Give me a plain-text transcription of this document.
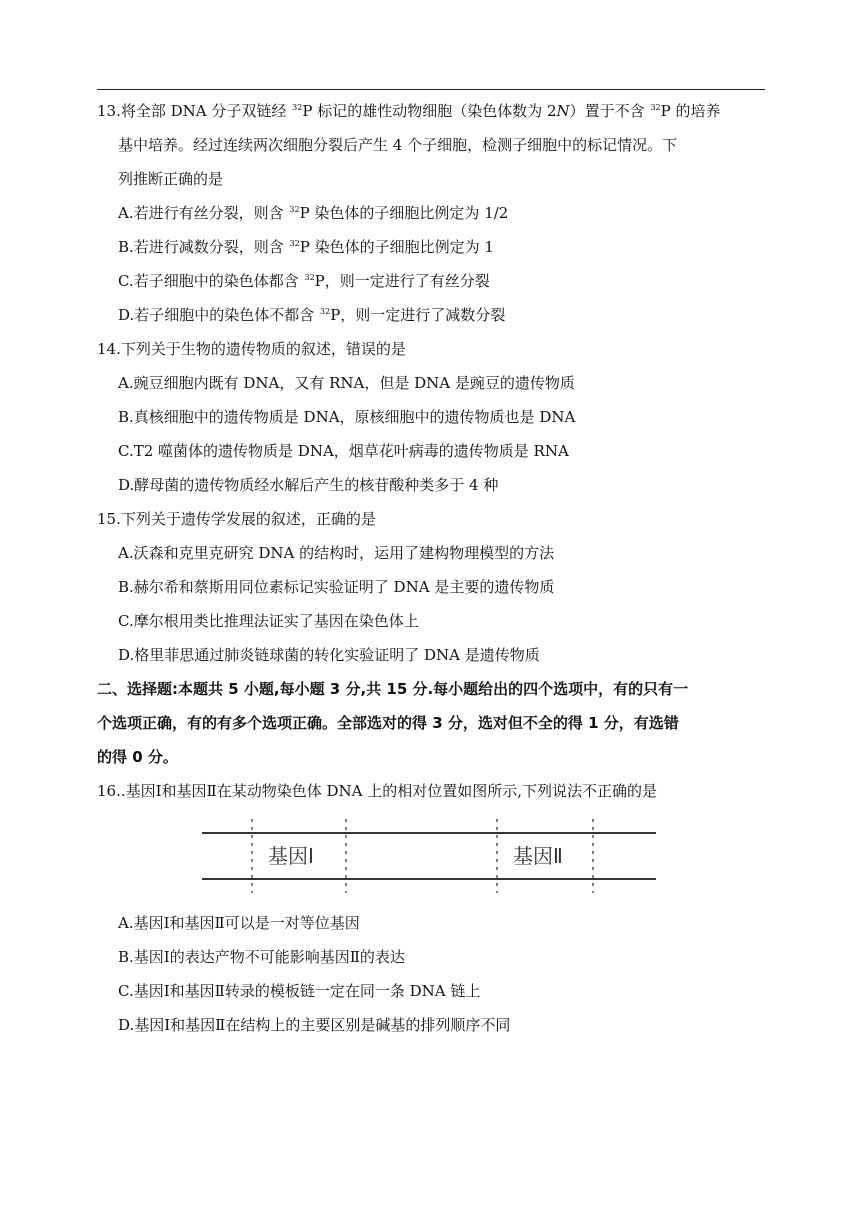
13.将全部 DNA 分子双链经 $^{32}$P 标记的雄性动物细胞（染色体数为 2N）置于不含 $^{32}$P 的培养
基中培养。经过连续两次细胞分裂后产生 4 个子细胞，检测子细胞中的标记情况。下
列推断正确的是
A.若进行有丝分裂，则含 $^{32}$P 染色体的子细胞比例定为 1/2
B.若进行减数分裂，则含 $^{32}$P 染色体的子细胞比例定为 1
C.若子细胞中的染色体都含 $^{32}$P，则一定进行了有丝分裂
D.若子细胞中的染色体不都含 $^{32}$P，则一定进行了减数分裂
14.下列关于生物的遗传物质的叙述，错误的是
A.豌豆细胞内既有 DNA，又有 RNA，但是 DNA 是豌豆的遗传物质
B.真核细胞中的遗传物质是 DNA，原核细胞中的遗传物质也是 DNA
C.T2 噬菌体的遗传物质是 DNA，烟草花叶病毒的遗传物质是 RNA
D.酵母菌的遗传物质经水解后产生的核苷酸种类多于 4 种
15.下列关于遗传学发展的叙述，正确的是
A.沃森和克里克研究 DNA 的结构时，运用了建构物理模型的方法
B.赫尔希和蔡斯用同位素标记实验证明了 DNA 是主要的遗传物质
C.摩尔根用类比推理法证实了基因在染色体上
D.格里菲思通过肺炎链球菌的转化实验证明了 DNA 是遗传物质
二、选择题:本题共 5 小题,每小题 3 分,共 15 分.每小题给出的四个选项中，有的只有一
个选项正确，有的有多个选项正确。全部选对的得 3 分，选对但不全的得 1 分，有选错
的得 0 分。
16..基因Ⅰ和基因Ⅱ在某动物染色体 DNA 上的相对位置如图所示,下列说法不正确的是
基因Ⅰ	基因Ⅱ
A.基因Ⅰ和基因Ⅱ可以是一对等位基因
B.基因Ⅰ的表达产物不可能影响基因Ⅱ的表达
C.基因Ⅰ和基因Ⅱ转录的模板链一定在同一条 DNA 链上
D.基因Ⅰ和基因Ⅱ在结构上的主要区别是碱基的排列顺序不同
